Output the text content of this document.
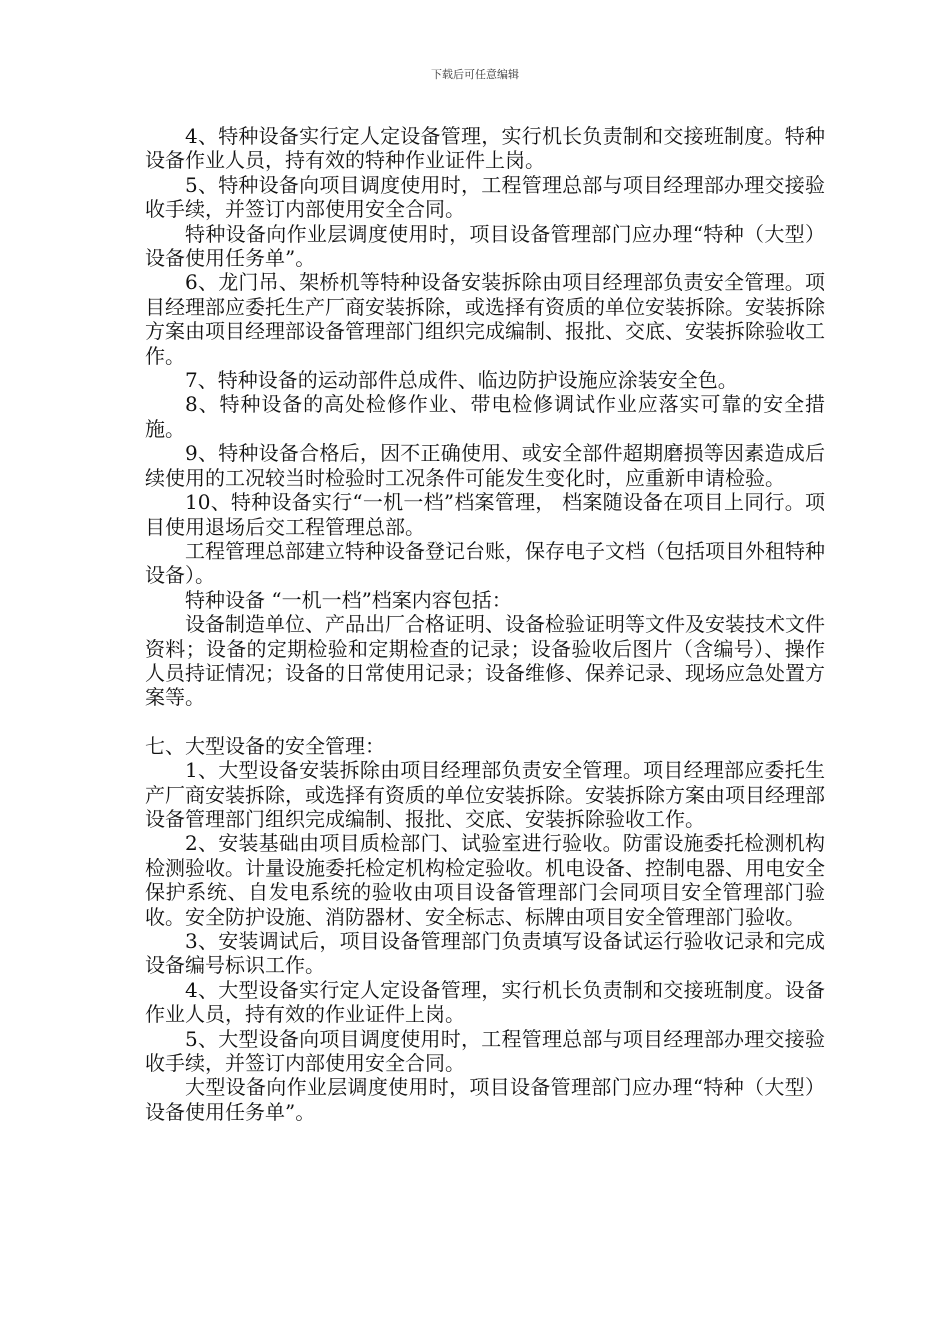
下载后可任意编辑

4、特种设备实行定人定设备管理，实行机长负责制和交接班制度。特种设备作业人员，持有效的特种作业证件上岗。

5、特种设备向项目调度使用时，工程管理总部与项目经理部办理交接验收手续，并签订内部使用安全合同。

特种设备向作业层调度使用时，项目设备管理部门应办理“特种（大型）设备使用任务单”。

6、龙门吊、架桥机等特种设备安装拆除由项目经理部负责安全管理。项目经理部应委托生产厂商安装拆除，或选择有资质的单位安装拆除。安装拆除方案由项目经理部设备管理部门组织完成编制、报批、交底、安装拆除验收工作。

7、特种设备的运动部件总成件、临边防护设施应涂装安全色。

8、特种设备的高处检修作业、带电检修调试作业应落实可靠的安全措施。

9、特种设备合格后，因不正确使用、或安全部件超期磨损等因素造成后续使用的工况较当时检验时工况条件可能发生变化时，应重新申请检验。

10、特种设备实行“一机一档”档案管理， 档案随设备在项目上同行。项目使用退场后交工程管理总部。

工程管理总部建立特种设备登记台账，保存电子文档（包括项目外租特种设备）。

特种设备 “一机一档”档案内容包括：

设备制造单位、产品出厂合格证明、设备检验证明等文件及安装技术文件资料；设备的定期检验和定期检查的记录；设备验收后图片（含编号）、操作人员持证情况；设备的日常使用记录；设备维修、保养记录、现场应急处置方案等。

七、大型设备的安全管理：

1、大型设备安装拆除由项目经理部负责安全管理。项目经理部应委托生产厂商安装拆除，或选择有资质的单位安装拆除。安装拆除方案由项目经理部设备管理部门组织完成编制、报批、交底、安装拆除验收工作。

2、安装基础由项目质检部门、试验室进行验收。防雷设施委托检测机构检测验收。计量设施委托检定机构检定验收。机电设备、控制电器、用电安全保护系统、自发电系统的验收由项目设备管理部门会同项目安全管理部门验收。安全防护设施、消防器材、安全标志、标牌由项目安全管理部门验收。

3、安装调试后，项目设备管理部门负责填写设备试运行验收记录和完成设备编号标识工作。

4、大型设备实行定人定设备管理，实行机长负责制和交接班制度。设备作业人员，持有效的作业证件上岗。

5、大型设备向项目调度使用时，工程管理总部与项目经理部办理交接验收手续，并签订内部使用安全合同。

大型设备向作业层调度使用时，项目设备管理部门应办理“特种（大型）设备使用任务单”。
